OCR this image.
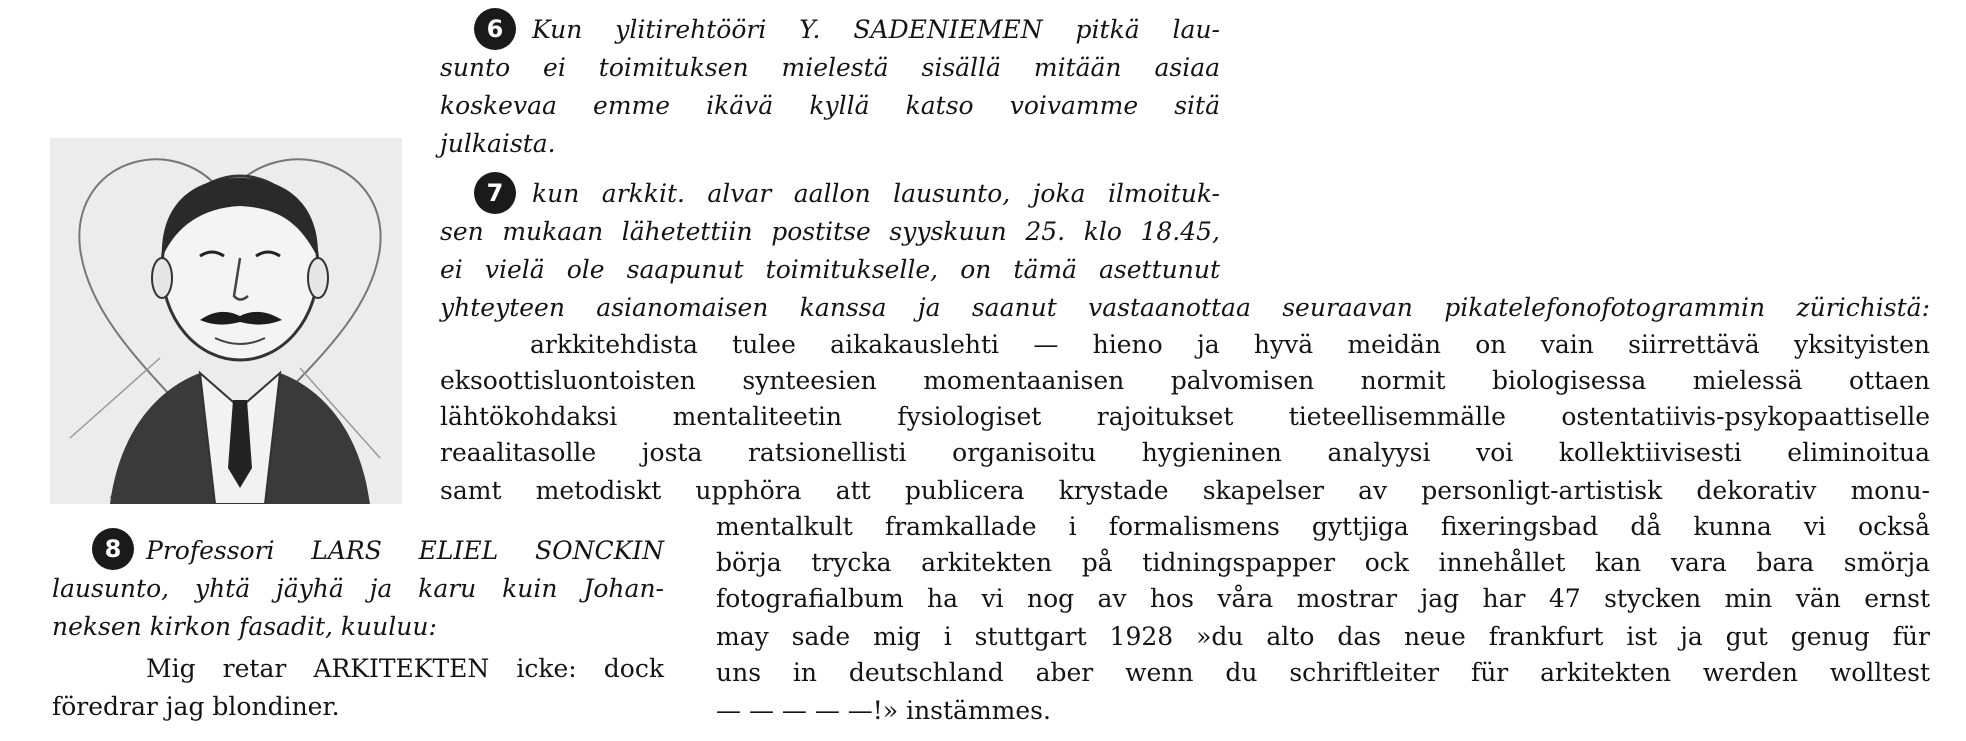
6	Kun ylitirehtööri Y. SADENIEMEN pitkä lau-
sunto ei toimituksen mielestä sisällä mitään asiaa
koskevaa emme ikävä kyllä katso voivamme sitä
julkaista.
7	kun arkkit. alvar aallon lausunto, joka ilmoituk-
sen mukaan lähetettiin postitse syyskuun 25. klo 18.45,
ei vielä ole saapunut toimitukselle, on tämä asettunut
yhteyteen asianomaisen kanssa ja saanut vastaanottaa seuraavan pikatelefonofotogrammin zürichistä:
arkkitehdista tulee aikakauslehti — hieno ja hyvä meidän on vain siirrettävä yksityisten
eksoottisluontoisten synteesien momentaanisen palvomisen normit biologisessa mielessä ottaen
lähtökohdaksi mentaliteetin fysiologiset rajoitukset tieteellisemmälle ostentatiivis-psykopaattiselle
reaalitasolle josta ratsionellisti organisoitu hygieninen analyysi voi kollektiivisesti eliminoitua
samt metodiskt upphöra att publicera krystade skapelser av personligt-artistisk dekorativ monu-
mentalkult framkallade i formalismens gyttjiga fixeringsbad då kunna vi också
börja trycka arkitekten på tidningspapper ock innehållet kan vara bara smörja
fotografialbum ha vi nog av hos våra mostrar jag har 47 stycken min vän ernst
may sade mig i stuttgart 1928 »du alto das neue frankfurt ist ja gut genug für
uns in deutschland aber wenn du schriftleiter für arkitekten werden wolltest
— — — — —!» instämmes.
8 Professori LARS ELIEL SONCKIN
lausunto, yhtä jäyhä ja karu kuin Johan-
neksen kirkon fasadit, kuuluu:
Mig retar ARKITEKTEN icke: dock
föredrar jag blondiner.
